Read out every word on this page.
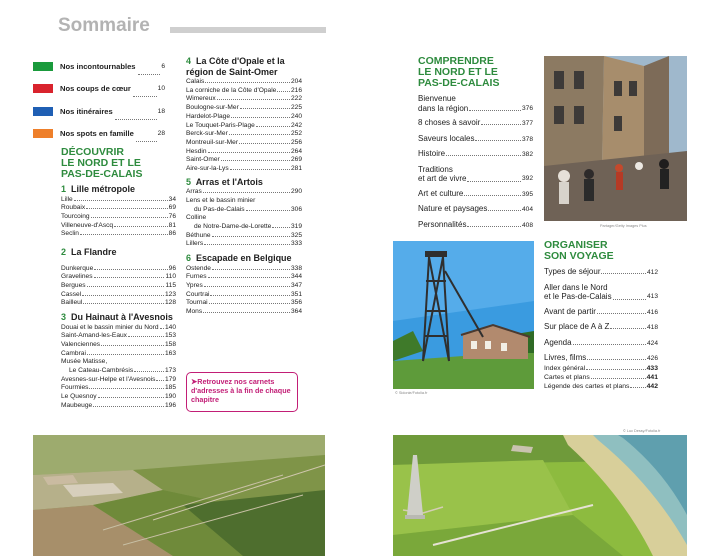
Sommaire
Nos incontournables	6
Nos coups de cœur	10
Nos itinéraires	18
Nos spots en famille	28
DÉCOUVRIR
LE NORD ET LE
PAS-DE-CALAIS
1 Lille métropole
Lille	34
Roubaix	69
Tourcoing	76
Villeneuve-d'Ascq	81
Seclin	86
2 La Flandre
Dunkerque	96
Gravelines	110
Bergues	115
Cassel	123
Bailleul	128
3 Du Hainaut à l'Avesnois
Douai et le bassin minier du Nord 140
Saint-Amand-les-Eaux	153
Valenciennes	158
Cambrai	163
Musée Matisse,
Le Cateau-Cambrésis	173
Avesnes-sur-Helpe et l'Avesnois 179
Fourmies	185
Le Quesnoy	190
Maubeuge	196
4 La Côte d'Opale et la
région de Saint-Omer
Calais	204
La corniche de la Côte d'Opale 216
Wimereux	222
Boulogne-sur-Mer	225
Hardelot-Plage	240
Le Touquet-Paris-Plage	242
Berck-sur-Mer	252
Montreuil-sur-Mer	256
Hesdin	264
Saint-Omer	269
Aire-sur-la-Lys	281
5 Arras et l'Artois
Arras	290
Lens et le bassin minier
du Pas-de-Calais	306
Colline
de Notre-Dame-de-Lorette	319
Béthune	325
Lillers	333
6 Escapade en Belgique
Ostende	338
Furnes	344
Ypres	347
Courtrai	351
Tournai	356
Mons	364
➤Retrouvez nos carnets d'adresses à la fin de chaque chapitre
COMPRENDRE
LE NORD ET LE
PAS-DE-CALAIS
Bienvenue
dans la région	376
8 choses à savoir	377
Saveurs locales	378
Histoire	382
Traditions
et art de vivre	392
Art et culture	395
Nature et paysages	404
Personnalités	408	Partager/Getty Images Plus
© Sidonie/Fotolia.fr
ORGANISER
SON VOYAGE
Types de séjour	412
Aller dans le Nord
et le Pas-de-Calais	413
Avant de partir	416
Sur place de A à Z	418
Agenda	424
Livres, films	426
Index général	433
Cartes et plans	441
Légende des cartes et plans	442
© Luc Dessy/Fotolia.fr
